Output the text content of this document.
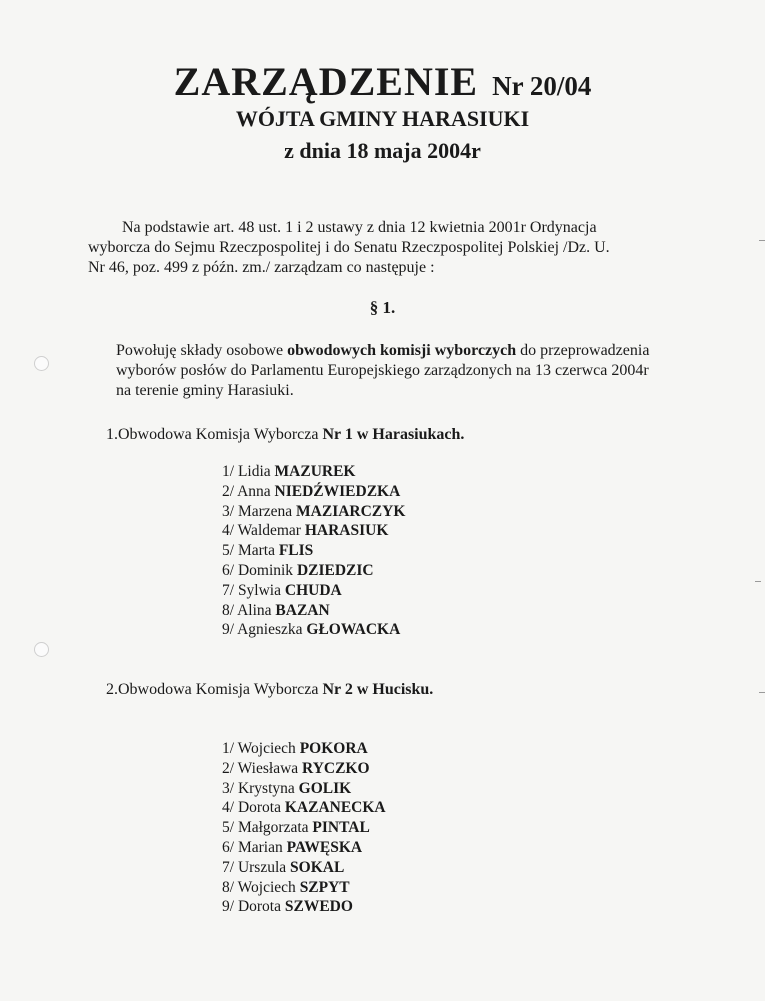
ZARZĄDZENIE Nr 20/04
WÓJTA GMINY HARASIUKI
z dnia 18 maja 2004r
Na podstawie art. 48 ust. 1 i 2 ustawy z dnia 12 kwietnia 2001r Ordynacja
wyborcza do Sejmu Rzeczpospolitej i do Senatu Rzeczpospolitej Polskiej /Dz. U.
Nr 46, poz. 499 z późn. zm./ zarządzam co następuje :
§ 1.
Powołuję składy osobowe obwodowych komisji wyborczych do przeprowadzenia
wyborów posłów do Parlamentu Europejskiego zarządzonych na 13 czerwca 2004r
na terenie gminy Harasiuki.
1.Obwodowa Komisja Wyborcza Nr 1 w Harasiukach.
1/ Lidia MAZUREK
2/ Anna NIEDŹWIEDZKA
3/ Marzena MAZIARCZYK
4/ Waldemar HARASIUK
5/ Marta FLIS
6/ Dominik DZIEDZIC
7/ Sylwia CHUDA
8/ Alina BAZAN
9/ Agnieszka GŁOWACKA
2.Obwodowa Komisja Wyborcza Nr 2 w Hucisku.
1/ Wojciech POKORA
2/ Wiesława RYCZKO
3/ Krystyna GOLIK
4/ Dorota KAZANECKA
5/ Małgorzata PINTAL
6/ Marian PAWĘSKA
7/ Urszula SOKAL
8/ Wojciech SZPYT
9/ Dorota SZWEDO
